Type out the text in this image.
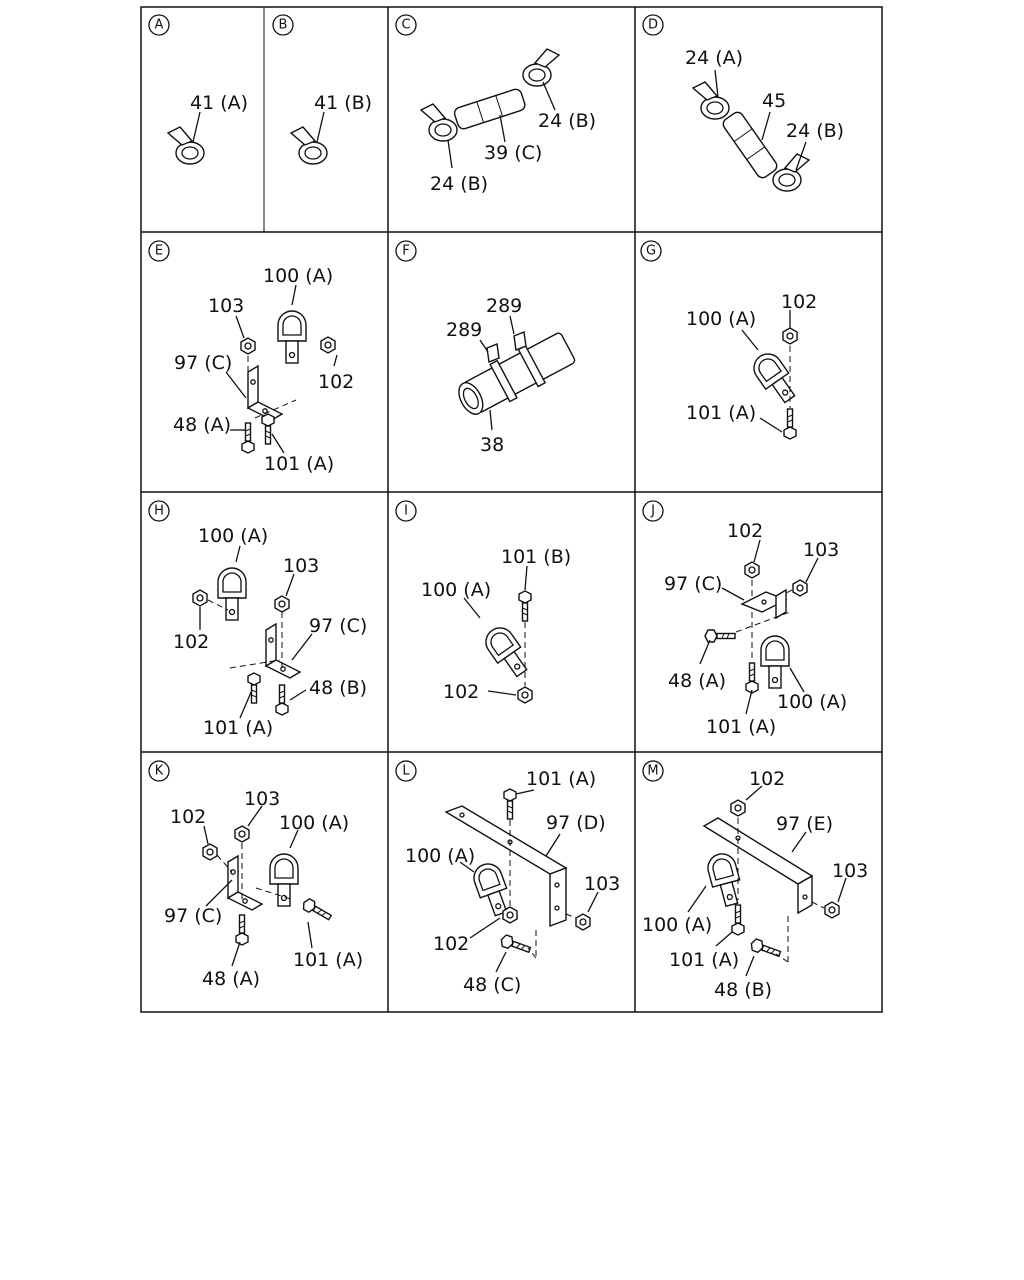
A
41 (A)
B
41 (B)
C
24 (B)
39 (C)
24 (B)
D
24 (A)
45
24 (B)
E
100 (A)
103
97 (C)
102
48 (A)
101 (A)
F
289
289
38
G
102
100 (A)
101 (A)
H
100 (A)
103
97 (C)
102
48 (B)
101 (A)
I
101 (B)
100 (A)
102
J
102
103
97 (C)
48 (A)
100 (A)
101 (A)
K
103
102	100 (A)
97 (C)
101 (A)
48 (A)
L	101 (A)
97 (D)
100 (A)
103
102
48 (C)
M	102
97 (E)
103
100 (A)
101 (A)
48 (B)
